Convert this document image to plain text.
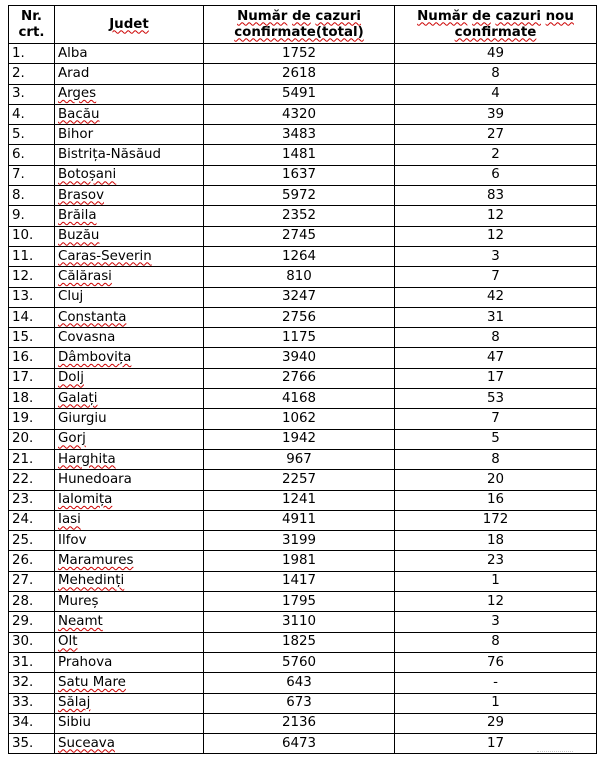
Nr. crt.	Judet	Număr de cazuri confirmate(total)	Număr de cazuri nou confirmate
1.	Alba	1752	49
2.	Arad	2618	8
3.	Arges	5491	4
4.	Bacău	4320	39
5.	Bihor	3483	27
6.	Bistrița-Năsăud	1481	2
7.	Botoșani	1637	6
8.	Brasov	5972	83
9.	Brăila	2352	12
10.	Buzău	2745	12
11.	Caras-Severin	1264	3
12.	Călărasi	810	7
13.	Cluj	3247	42
14.	Constanta	2756	31
15.	Covasna	1175	8
16.	Dâmbovița	3940	47
17.	Dolj	2766	17
18.	Galați	4168	53
19.	Giurgiu	1062	7
20.	Gorj	1942	5
21.	Harghita	967	8
22.	Hunedoara	2257	20
23.	Ialomița	1241	16
24.	Iasi	4911	172
25.	Ilfov	3199	18
26.	Maramures	1981	23
27.	Mehedinți	1417	1
28.	Mureș	1795	12
29.	Neamt	3110	3
30.	Olt	1825	8
31.	Prahova	5760	76
32.	Satu Mare	643	-
33.	Sălaj	673	1
34.	Sibiu	2136	29
35.	Suceava	6473	17
